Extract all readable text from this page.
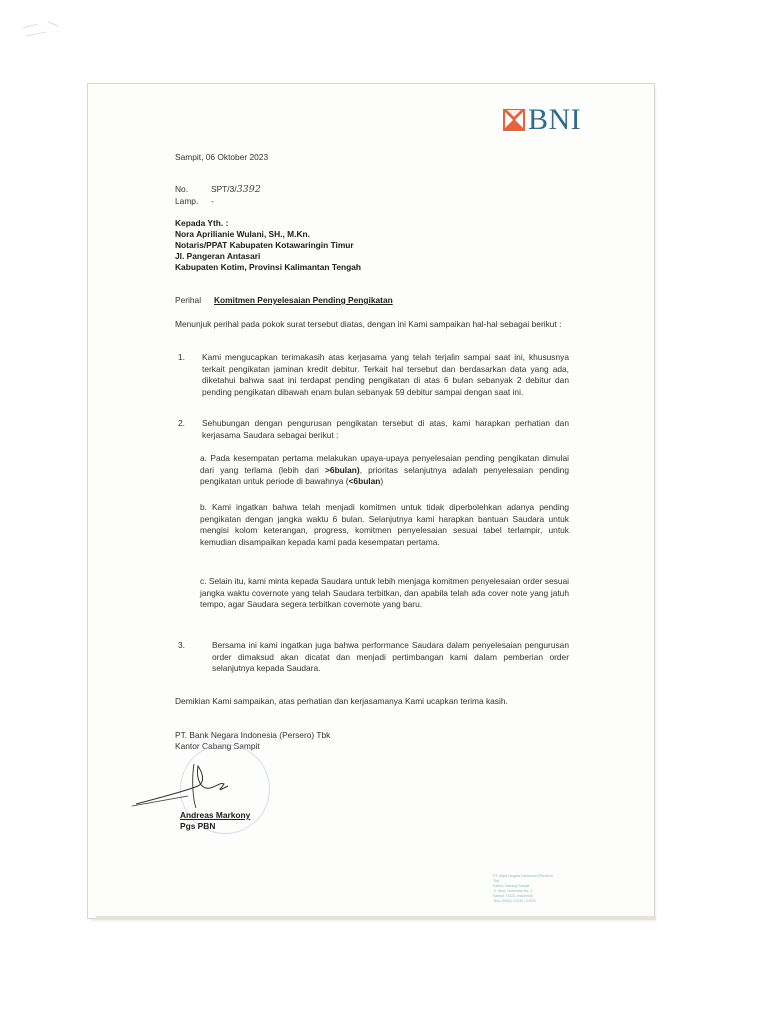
BNI
Sampit, 06 Oktober 2023
No.	SPT/3/3392
Lamp. -
Kepada Yth. :
Nora Aprilianie Wulani, SH., M.Kn.
Notaris/PPAT Kabupaten Kotawaringin Timur
Jl. Pangeran Antasari
Kabupaten Kotim, Provinsi Kalimantan Tengah
Perihal Komitmen Penyelesaian Pending Pengikatan
Menunjuk perihal pada pokok surat tersebut diatas, dengan ini Kami sampaikan hal-hal sebagai berikut :
1. Kami mengucapkan terimakasih atas kerjasama yang telah terjalin sampai saat ini, khususnya terkait pengikatan jaminan kredit debitur. Terkait hal tersebut dan berdasarkan data yang ada, diketahui bahwa saat ini terdapat pending pengikatan di atas 6 bulan sebanyak 2 debitur dan pending pengikatan dibawah enam bulan sebanyak 59 debitur sampai dengan saat ini.
2. Sehubungan dengan pengurusan pengikatan tersebut di atas, kami harapkan perhatian dan kerjasama Saudara sebagai berikut :
a. Pada kesempatan pertama melakukan upaya-upaya penyelesaian pending pengikatan dimulai dari yang terlama (lebih dari >6bulan), prioritas selanjutnya adalah penyelesaian pending pengikatan untuk periode di bawahnya (<6bulan)
b. Kami ingatkan bahwa telah menjadi komitmen untuk tidak diperbolehkan adanya pending pengikatan dengan jangka waktu 6 bulan. Selanjutnya kami harapkan bantuan Saudara untuk mengisi kolom keterangan, progress, komitmen penyelesaian sesuai tabel terlampir, untuk kemudian disampaikan kepada kami pada kesempatan pertama.
c. Selain itu, kami minta kepada Saudara untuk lebih menjaga komitmen penyelesaian order sesuai jangka waktu covernote yang telah Saudara terbitkan, dan apabila telah ada cover note yang jatuh tempo, agar Saudara segera terbitkan covernote yang baru.
3.	Bersama ini kami ingatkan juga bahwa performance Saudara dalam penyelesaian pengurusan order dimaksud akan dicatat dan menjadi pertimbangan kami dalam pemberian order selanjutnya kepada Saudara.
Demikian Kami sampaikan, atas perhatian dan kerjasamanya Kami ucapkan terima kasih.
PT. Bank Negara Indonesia (Persero) Tbk
Kantor Cabang Sampit
Andreas Markony
Pgs PBN
PT. Bank Negara Indonesia (Persero)
Tbk
Kantor Cabang Sampit
Jl. Jend. Sudirman No. 1
Sampit 74322, Indonesia
Telp: (0531) 21030 / 21031
